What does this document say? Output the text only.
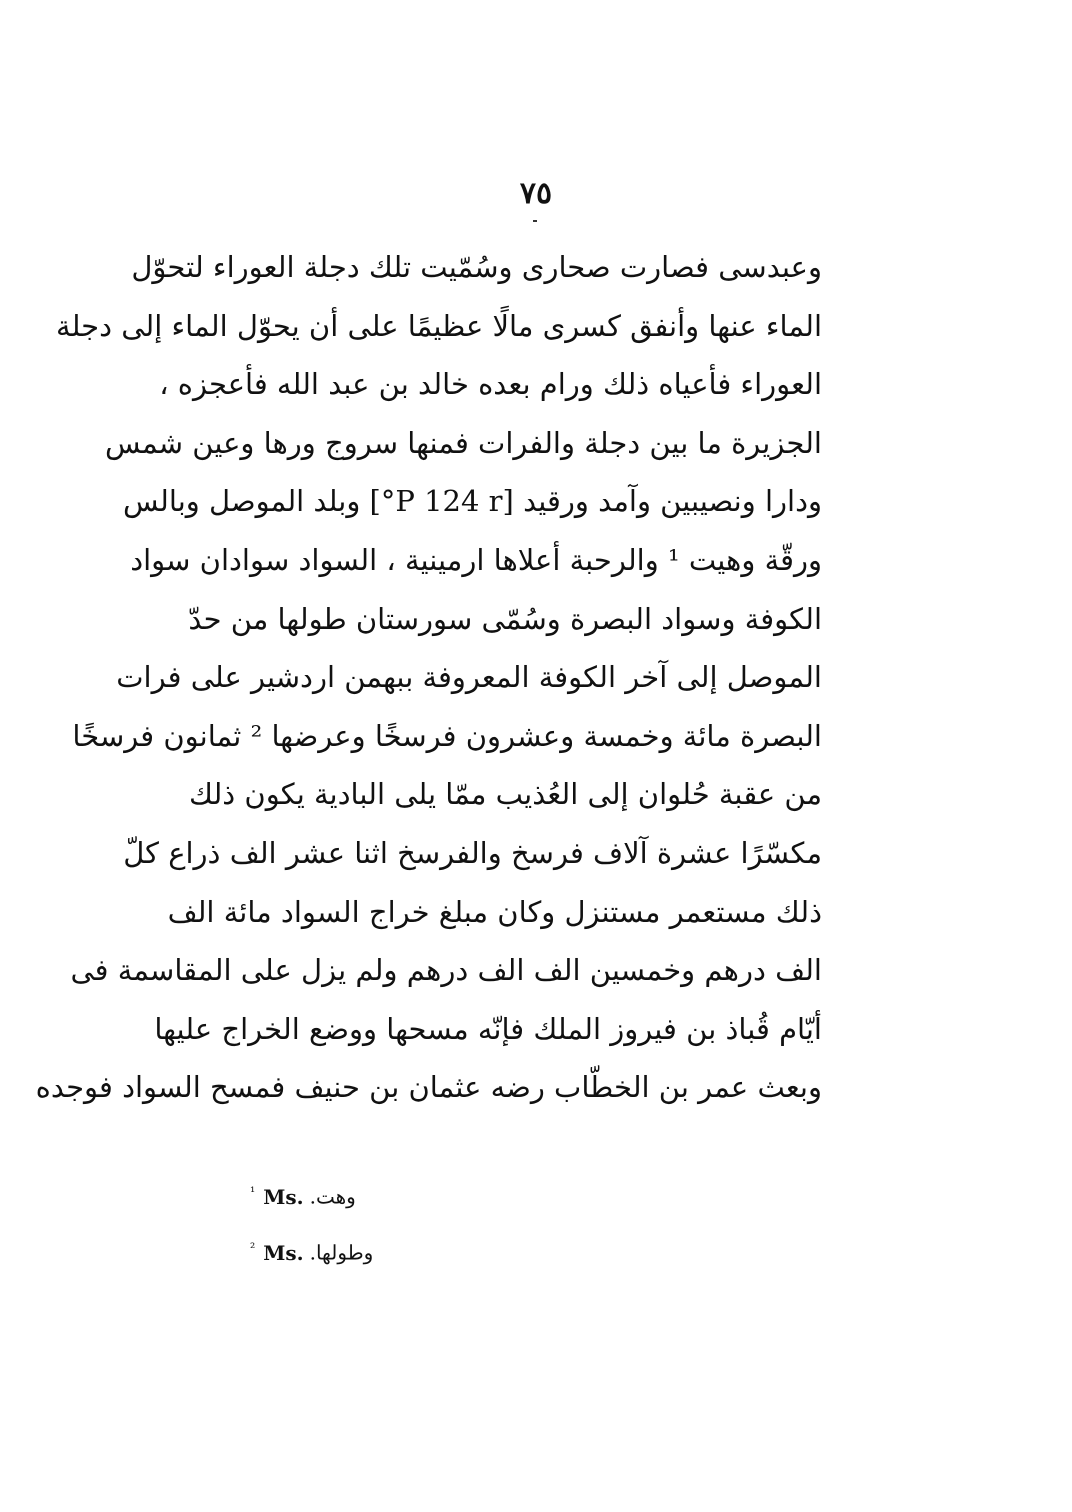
٧٥
وعبدسى فصارت صحارى وسُمّيت تلك دجلة العوراء لتحوّل
الماء عنها وأنفق كسرى مالًا عظيمًا على أن يحوّل الماء إلى دجلة
العوراء فأعياه ذلك ورام بعده خالد بن عبد الله فأعجزه ،
الجزيرة ما بين دجلة والفرات فمنها سروج ورها وعين شمس
ودارا ونصيبين وآمد ورقيد [P 124 r°] وبلد الموصل وبالس
ورقّة وهيت ¹ والرحبة أعلاها ارمينية ، السواد سوادان سواد
الكوفة وسواد البصرة وسُمّى سورستان طولها من حدّ
الموصل إلى آخر الكوفة المعروفة ببهمن اردشير على فرات
البصرة مائة وخمسة وعشرون فرسخًا وعرضها ² ثمانون فرسخًا
من عقبة حُلوان إلى العُذيب ممّا يلى البادية يكون ذلك
مكسّرًا عشرة آلاف فرسخ والفرسخ اثنا عشر الف ذراع كلّ
ذلك مستعمر مستنزل وكان مبلغ خراج السواد مائة الف
الف درهم وخمسين الف الف درهم ولم يزل على المقاسمة فى
أيّام قُباذ بن فيروز الملك فإنّه مسحها ووضع الخراج عليها
وبعث عمر بن الخطّاب رضه عثمان بن حنيف فمسح السواد فوجده
$^{^1}$ Ms. وهت.
$^{^2}$ Ms. وطولها.
